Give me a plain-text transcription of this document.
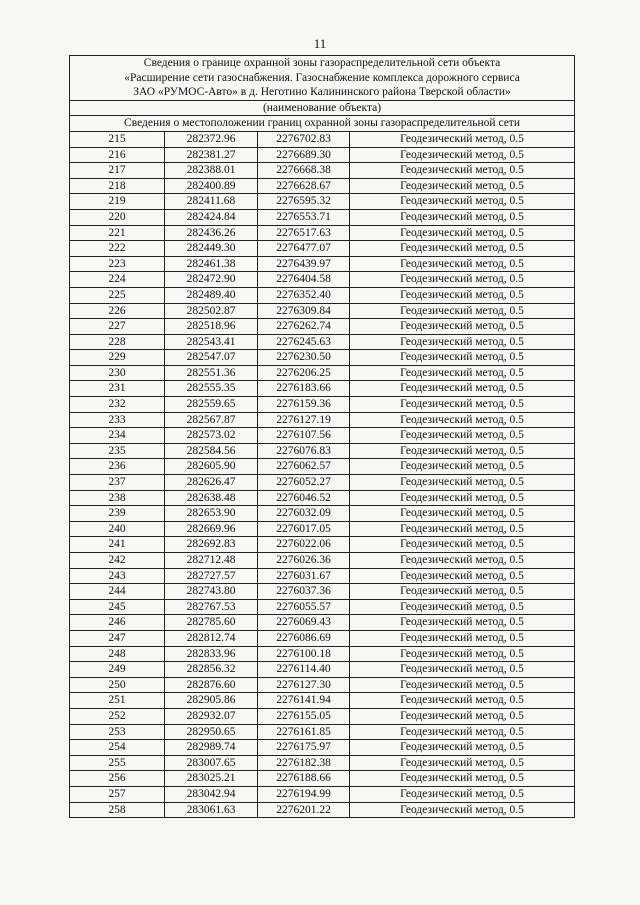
11
Сведения о границе охранной зоны газораспределительной сети объекта
«Расширение сети газоснабжения. Газоснабжение комплекса дорожного сервиса
ЗАО «РУМОС-Авто» в д. Неготино Калининского района Тверской области»			

(наименование объекта)			
Сведения о местоположении границ охранной зоны газораспределительной сети			
215	282372.96	2276702.83	Геодезический метод, 0.5
216	282381.27	2276689.30	Геодезический метод, 0.5
217	282388.01	2276668.38	Геодезический метод, 0.5
218	282400.89	2276628.67	Геодезический метод, 0.5
219	282411.68	2276595.32	Геодезический метод, 0.5
220	282424.84	2276553.71	Геодезический метод, 0.5
221	282436.26	2276517.63	Геодезический метод, 0.5
222	282449.30	2276477.07	Геодезический метод, 0.5
223	282461.38	2276439.97	Геодезический метод, 0.5
224	282472.90	2276404.58	Геодезический метод, 0.5
225	282489.40	2276352.40	Геодезический метод, 0.5
226	282502.87	2276309.84	Геодезический метод, 0.5
227	282518.96	2276262.74	Геодезический метод, 0.5
228	282543.41	2276245.63	Геодезический метод, 0.5
229	282547.07	2276230.50	Геодезический метод, 0.5
230	282551.36	2276206.25	Геодезический метод, 0.5
231	282555.35	2276183.66	Геодезический метод, 0.5
232	282559.65	2276159.36	Геодезический метод, 0.5
233	282567.87	2276127.19	Геодезический метод, 0.5
234	282573.02	2276107.56	Геодезический метод, 0.5
235	282584.56	2276076.83	Геодезический метод, 0.5
236	282605.90	2276062.57	Геодезический метод, 0.5
237	282626.47	2276052.27	Геодезический метод, 0.5
238	282638.48	2276046.52	Геодезический метод, 0.5
239	282653.90	2276032.09	Геодезический метод, 0.5
240	282669.96	2276017.05	Геодезический метод, 0.5
241	282692.83	2276022.06	Геодезический метод, 0.5
242	282712.48	2276026.36	Геодезический метод, 0.5
243	282727.57	2276031.67	Геодезический метод, 0.5
244	282743.80	2276037.36	Геодезический метод, 0.5
245	282767.53	2276055.57	Геодезический метод, 0.5
246	282785.60	2276069.43	Геодезический метод, 0.5
247	282812.74	2276086.69	Геодезический метод, 0.5
248	282833.96	2276100.18	Геодезический метод, 0.5
249	282856.32	2276114.40	Геодезический метод, 0.5
250	282876.60	2276127.30	Геодезический метод, 0.5
251	282905.86	2276141.94	Геодезический метод, 0.5
252	282932.07	2276155.05	Геодезический метод, 0.5
253	282950.65	2276161.85	Геодезический метод, 0.5
254	282989.74	2276175.97	Геодезический метод, 0.5
255	283007.65	2276182.38	Геодезический метод, 0.5
256	283025.21	2276188.66	Геодезический метод, 0.5
257	283042.94	2276194.99	Геодезический метод, 0.5
258	283061.63	2276201.22	Геодезический метод, 0.5
